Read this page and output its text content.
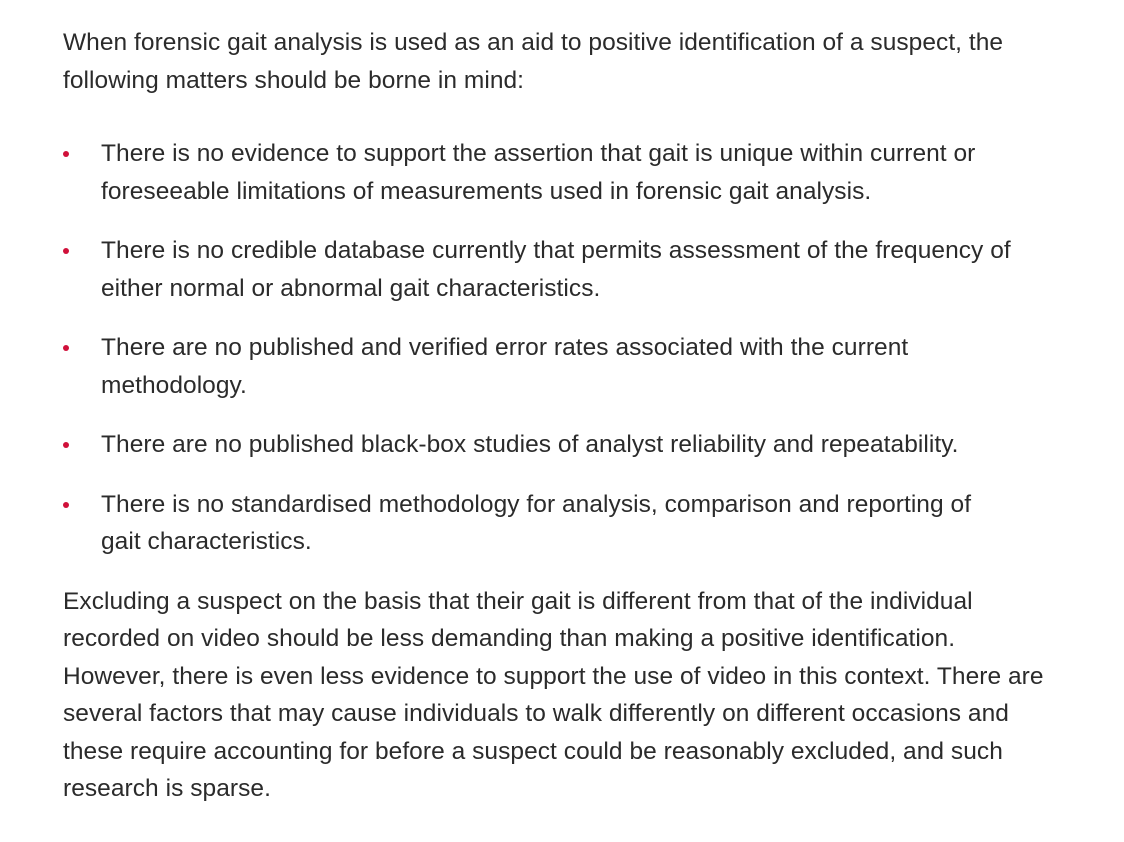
When forensic gait analysis is used as an aid to positive identification of a suspect, the following matters should be borne in mind:

There is no evidence to support the assertion that gait is unique within current or foreseeable limitations of measurements used in forensic gait analysis.
There is no credible database currently that permits assessment of the frequency of either normal or abnormal gait characteristics.
There are no published and verified error rates associated with the current methodology.
There are no published black-box studies of analyst reliability and repeatability.
There is no standardised methodology for analysis, comparison and reporting of gait characteristics.

Excluding a suspect on the basis that their gait is different from that of the individual recorded on video should be less demanding than making a positive identification. However, there is even less evidence to support the use of video in this context. There are several factors that may cause individuals to walk differently on different occasions and these require accounting for before a suspect could be reasonably excluded, and such research is sparse.
